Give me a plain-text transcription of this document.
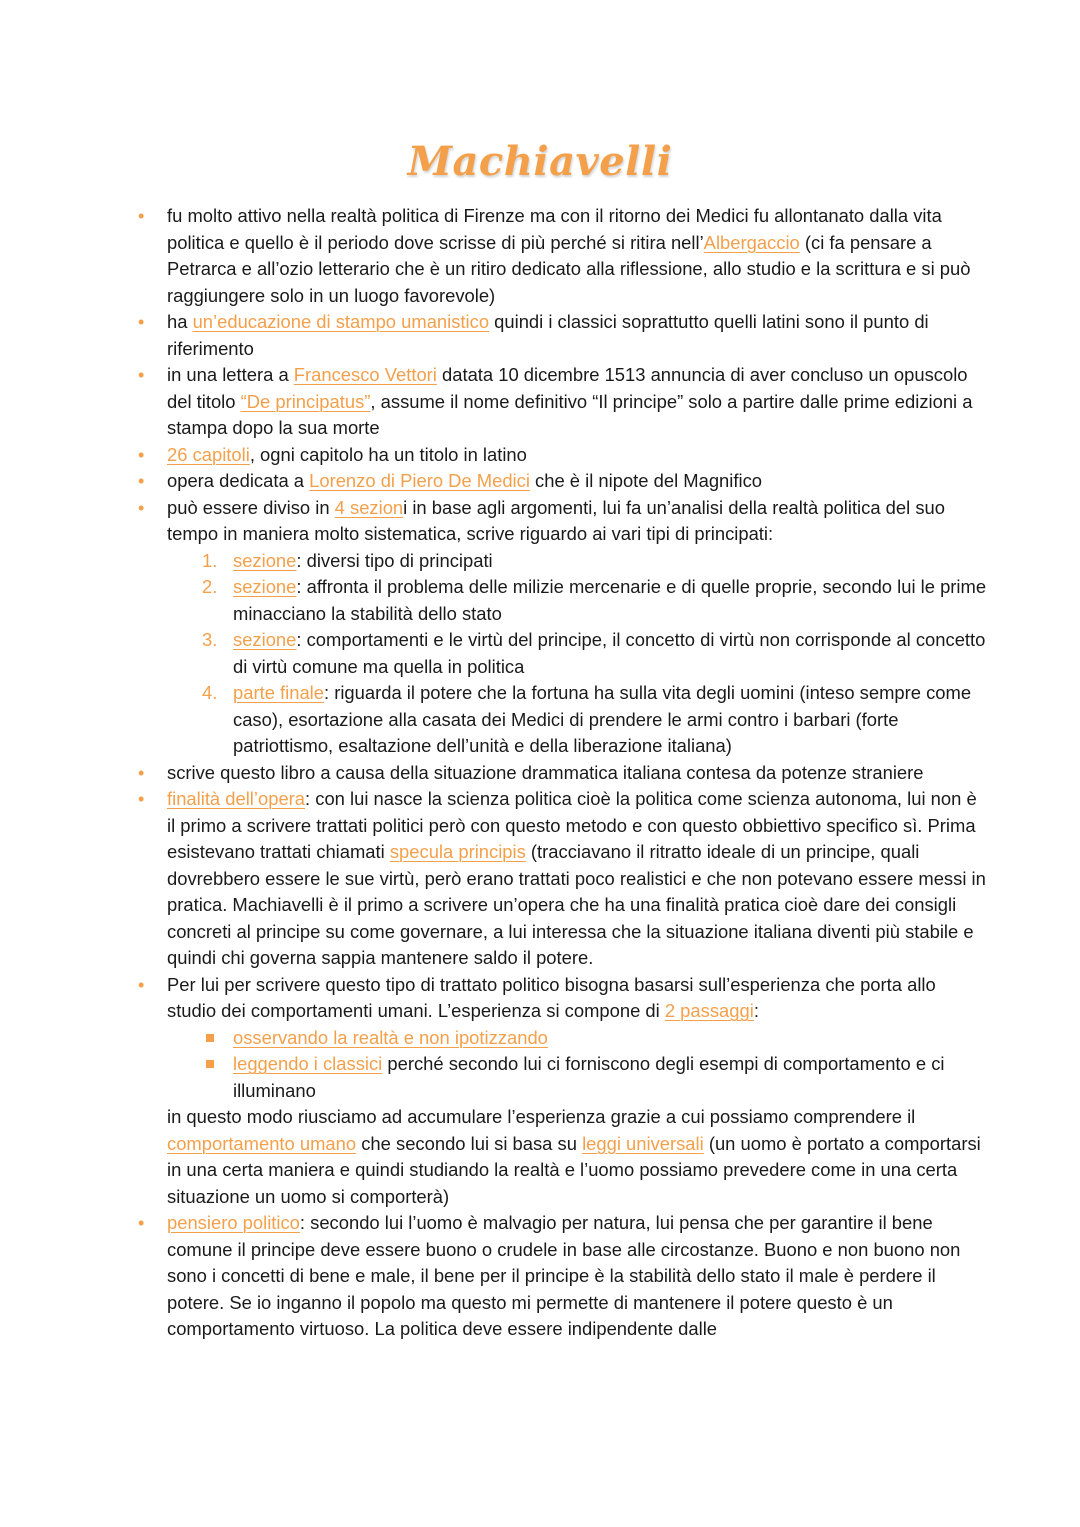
Machiavelli
• fu molto attivo nella realtà politica di Firenze ma con il ritorno dei Medici fu allontanato dalla vita politica e quello è il periodo dove scrisse di più perché si ritira nell’Albergaccio (ci fa pensare a Petrarca e all’ozio letterario che è un ritiro dedicato alla riflessione, allo studio e la scrittura e si può raggiungere solo in un luogo favorevole)
• ha un’educazione di stampo umanistico quindi i classici soprattutto quelli latini sono il punto di riferimento
• in una lettera a Francesco Vettori datata 10 dicembre 1513 annuncia di aver concluso un opuscolo del titolo “De principatus”, assume il nome definitivo “Il principe” solo a partire dalle prime edizioni a stampa dopo la sua morte
• 26 capitoli, ogni capitolo ha un titolo in latino
• opera dedicata a Lorenzo di Piero De Medici che è il nipote del Magnifico
• può essere diviso in 4 sezioni in base agli argomenti, lui fa un’analisi della realtà politica del suo tempo in maniera molto sistematica, scrive riguardo ai vari tipi di principati:
1. sezione: diversi tipo di principati
2. sezione: affronta il problema delle milizie mercenarie e di quelle proprie, secondo lui le prime minacciano la stabilità dello stato
3. sezione: comportamenti e le virtù del principe, il concetto di virtù non corrisponde al concetto di virtù comune ma quella in politica
4. parte finale: riguarda il potere che la fortuna ha sulla vita degli uomini (inteso sempre come caso), esortazione alla casata dei Medici di prendere le armi contro i barbari (forte patriottismo, esaltazione dell’unità e della liberazione italiana)
• scrive questo libro a causa della situazione drammatica italiana contesa da potenze straniere
• finalità dell’opera: con lui nasce la scienza politica cioè la politica come scienza autonoma, lui non è il primo a scrivere trattati politici però con questo metodo e con questo obbiettivo specifico sì. Prima esistevano trattati chiamati specula principis (tracciavano il ritratto ideale di un principe, quali dovrebbero essere le sue virtù, però erano trattati poco realistici e che non potevano essere messi in pratica. Machiavelli è il primo a scrivere un’opera che ha una finalità pratica cioè dare dei consigli concreti al principe su come governare, a lui interessa che la situazione italiana diventi più stabile e quindi chi governa sappia mantenere saldo il potere.
• Per lui per scrivere questo tipo di trattato politico bisogna basarsi sull’esperienza che porta allo studio dei comportamenti umani. L’esperienza si compone di 2 passaggi:
osservando la realtà e non ipotizzando
leggendo i classici perché secondo lui ci forniscono degli esempi di comportamento e ci illuminano
in questo modo riusciamo ad accumulare l’esperienza grazie a cui possiamo comprendere il comportamento umano che secondo lui si basa su leggi universali (un uomo è portato a comportarsi in una certa maniera e quindi studiando la realtà e l’uomo possiamo prevedere come in una certa situazione un uomo si comporterà)
• pensiero politico: secondo lui l’uomo è malvagio per natura, lui pensa che per garantire il bene comune il principe deve essere buono o crudele in base alle circostanze. Buono e non buono non sono i concetti di bene e male, il bene per il principe è la stabilità dello stato il male è perdere il potere. Se io inganno il popolo ma questo mi permette di mantenere il potere questo è un comportamento virtuoso. La politica deve essere indipendente dalle
